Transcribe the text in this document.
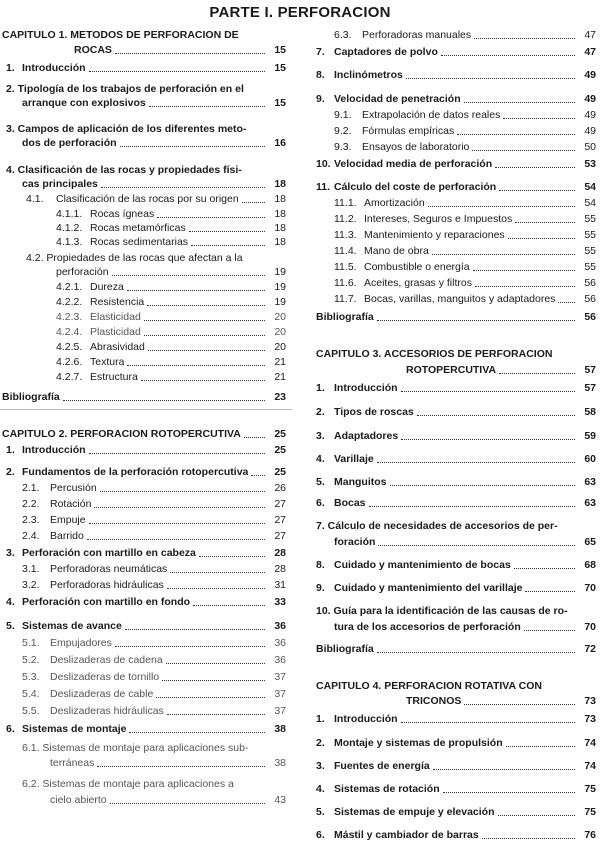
PARTE I. PERFORACION
CAPITULO 1. METODOS DE PERFORACION DE
ROCAS	15
1. Introducción	15
2. Tipología de los trabajos de perforación en el
arranque con explosivos	15
3. Campos de aplicación de los diferentes meto-
dos de perforación	16
4. Clasificación de las rocas y propiedades físi-
cas principales	18
4.1.	Clasificación de las rocas por su origen	18
4.1.1. Rocas ígneas	18
4.1.2. Rocas metamórficas	18
4.1.3. Rocas sedimentarias	18
4.2. Propiedades de las rocas que afectan a la
perforación	19
4.2.1. Dureza	19
4.2.2. Resistencia	19
4.2.3. Elasticidad	20
4.2.4. Plasticidad	20
4.2.5. Abrasividad	20
4.2.6. Textura	21
4.2.7. Estructura	21
Bibliografía	23
CAPITULO 2. PERFORACION ROTOPERCUTIVA	25
1. Introducción	25
2. Fundamentos de la perforación rotopercutiva	25
2.1. Percusión	26
2.2. Rotación	27
2.3. Empuje	27
2.4. Barrido	27
3. Perforación con martillo en cabeza	28
3.1. Perforadoras neumáticas	28
3.2. Perforadoras hidráulicas	31
4. Perforación con martillo en fondo	33
5. Sistemas de avance	36
5.1. Empujadores	36
5.2. Deslizaderas de cadena	36
5.3. Deslizaderas de tornillo	37
5.4. Deslizaderas de cable	37
5.5. Deslizaderas hidráulicas	37
6. Sistemas de montaje	38
6.1. Sistemas de montaje para aplicaciones sub-
terráneas	38
6.2. Sistemas de montaje para aplicaciones a
cielo abierto	43
6.3. Perforadoras manuales	47
7. Captadores de polvo	47
8. Inclinómetros	49
9. Velocidad de penetración	49
9.1. Extrapolación de datos reales	49
9.2. Fórmulas empíricas	49
9.3. Ensayos de laboratorio	50
10. Velocidad media de perforación	53
11. Cálculo del coste de perforación	54
11.1. Amortización	54
11.2. Intereses, Seguros e Impuestos	55
11.3. Mantenimiento y reparaciones	55
11.4. Mano de obra	55
11.5. Combustible o energía	55
11.6. Aceites, grasas y filtros	56
11.7. Bocas, varillas, manguitos y adaptadores	56
Bibliografía	56
CAPITULO 3. ACCESORIOS DE PERFORACION
ROTOPERCUTIVA	57
1. Introducción	57
2. Tipos de roscas	58
3. Adaptadores	59
4. Varillaje	60
5. Manguitos	63
6. Bocas	63
7. Cálculo de necesidades de accesorios de per-
foración	65
8. Cuidado y mantenimiento de bocas	68
9. Cuidado y mantenimiento del varillaje	70
10. Guía para la identificación de las causas de ro-
tura de los accesorios de perforación	70
Bibliografía	72
CAPITULO 4. PERFORACION ROTATIVA CON
TRICONOS	73
1. Introducción	73
2. Montaje y sistemas de propulsión	74
3. Fuentes de energía	74
4. Sistemas de rotación	75
5. Sistemas de empuje y elevación	75
6. Mástil y cambiador de barras	76
